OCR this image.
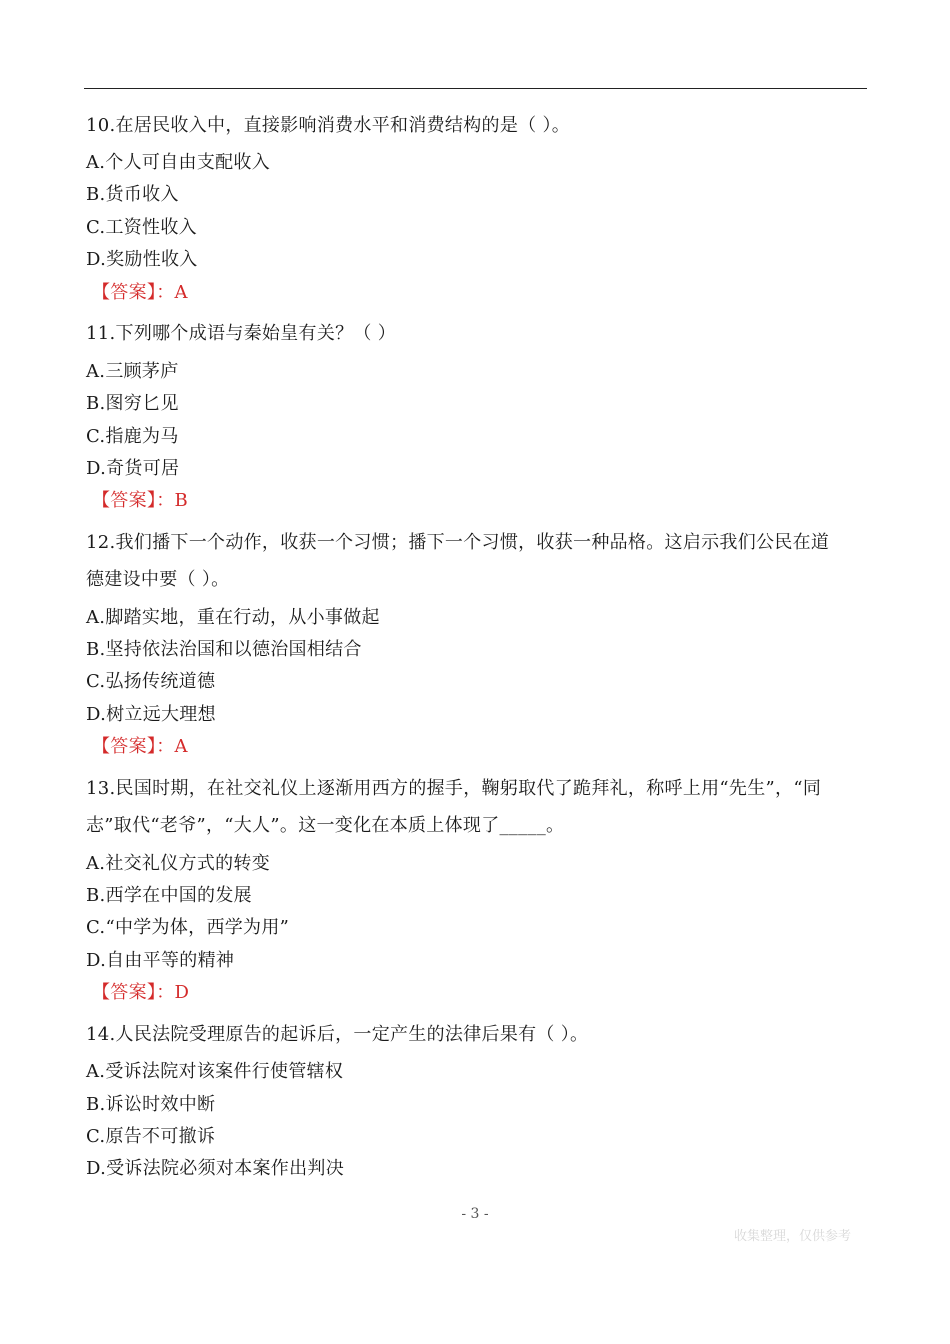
10.在居民收入中，直接影响消费水平和消费结构的是（ ）。
A.个人可自由支配收入
B.货币收入
C.工资性收入
D.奖励性收入
【答案】：A
11.下列哪个成语与秦始皇有关？（ ）
A.三顾茅庐
B.图穷匕见
C.指鹿为马
D.奇货可居
【答案】：B
12.我们播下一个动作，收获一个习惯；播下一个习惯，收获一种品格。这启示我们公民在道
德建设中要（ ）。
A.脚踏实地，重在行动，从小事做起
B.坚持依法治国和以德治国相结合
C.弘扬传统道德
D.树立远大理想
【答案】：A
13.民国时期，在社交礼仪上逐渐用西方的握手，鞠躬取代了跪拜礼，称呼上用“先生”，“同
志”取代“老爷”，“大人”。这一变化在本质上体现了_____。
A.社交礼仪方式的转变
B.西学在中国的发展
C.“中学为体，西学为用”
D.自由平等的精神
【答案】：D
14.人民法院受理原告的起诉后，一定产生的法律后果有（ ）。
A.受诉法院对该案件行使管辖权
B.诉讼时效中断
C.原告不可撤诉
D.受诉法院必须对本案作出判决
- 3 -
收集整理，仅供参考
